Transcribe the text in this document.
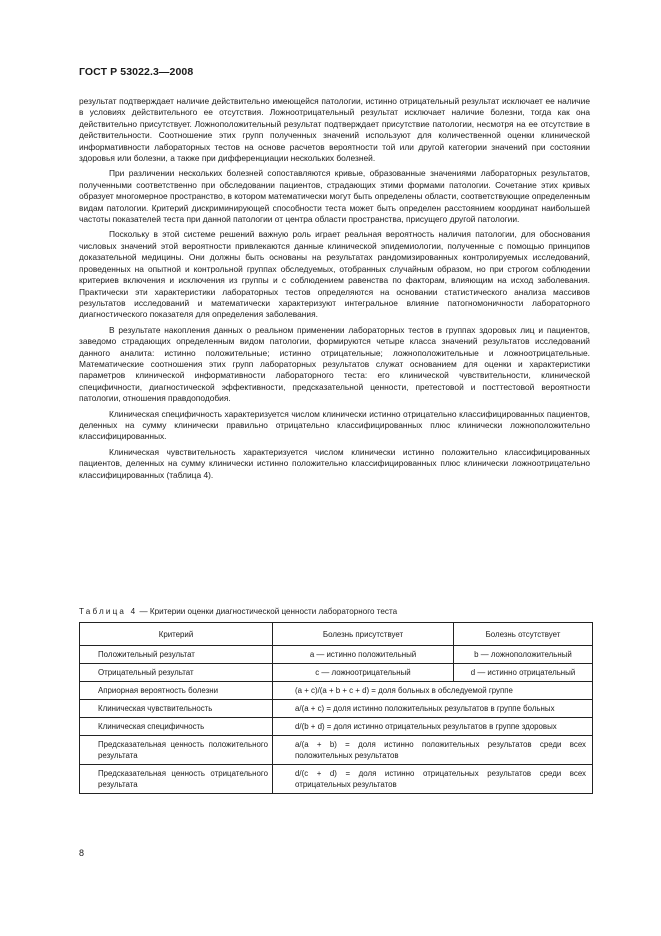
ГОСТ Р 53022.3—2008

результат подтверждает наличие действительно имеющейся патологии, истинно отрицательный результат исключает ее наличие в условиях действительного ее отсутствия. Ложноотрицательный результат исключает наличие болезни, тогда как она действительно присутствует. Ложноположительный результат подтверждает присутствие патологии, несмотря на ее отсутствие в действительности. Соотношение этих групп полученных значений используют для количественной оценки клинической информативности лабораторных тестов на основе расчетов вероятности той или другой категории значений при состоянии здоровья или болезни, а также при дифференциации нескольких болезней.

При различении нескольких болезней сопоставляются кривые, образованные значениями лабораторных результатов, полученными соответственно при обследовании пациентов, страдающих этими формами патологии. Сочетание этих кривых образует многомерное пространство, в котором математически могут быть определены области, соответствующие определенным видам патологии. Критерий дискриминирующей способности теста может быть определен расстоянием координат наибольшей частоты показателей теста при данной патологии от центра области пространства, присущего другой патологии.

Поскольку в этой системе решений важную роль играет реальная вероятность наличия патологии, для обоснования числовых значений этой вероятности привлекаются данные клинической эпидемиологии, полученные с помощью принципов доказательной медицины. Они должны быть основаны на результатах рандомизированных контролируемых исследований, проведенных на опытной и контрольной группах обследуемых, отобранных случайным образом, но при строгом соблюдении критериев включения и исключения из группы и с соблюдением равенства по факторам, влияющим на исход заболевания. Практически эти характеристики лабораторных тестов определяются на основании статистического анализа массивов результатов исследований и математически характеризуют интегральное влияние патогномоничности лабораторного диагностического показателя для определения заболевания.

В результате накопления данных о реальном применении лабораторных тестов в группах здоровых лиц и пациентов, заведомо страдающих определенным видом патологии, формируются четыре класса значений результатов исследований данного аналита: истинно положительные; истинно отрицательные; ложноположительные и ложноотрицательные. Математические соотношения этих групп лабораторных результатов служат основанием для оценки и характеристики параметров клинической информативности лабораторного теста: его клинической чувствительности, клинической специфичности, диагностической эффективности, предсказательной ценности, претестовой и посттестовой вероятности патологии, отношения правдоподобия.

Клиническая специфичность характеризуется числом клинически истинно отрицательно классифицированных пациентов, деленных на сумму клинически правильно отрицательно классифицированных плюс клинически ложноположительно классифицированных.

Клиническая чувствительность характеризуется числом клинически истинно положительно классифицированных пациентов, деленных на сумму клинически истинно положительно классифицированных плюс клинически ложноотрицательно классифицированных (таблица 4).

Таблица 4 — Критерии оценки диагностической ценности лабораторного теста
Критерий	Болезнь присутствует	Болезнь отсутствует
Положительный результат	a — истинно положительный	b — ложноположительный
Отрицательный результат	c — ложноотрицательный	d — истинно отрицательный
Априорная вероятность болезни	(a + c)/(a + b + c + d) = доля больных в обследуемой группе	
Клиническая чувствительность	a/(a + c) = доля истинно положительных результатов в группе больных	
Клиническая специфичность	d/(b + d) = доля истинно отрицательных результатов в группе здоровых	
Предсказательная ценность положительного результата	a/(a + b) = доля истинно положительных результатов среди всех положительных результатов	
Предсказательная ценность отрицательного результата	d/(c + d) = доля истинно отрицательных результатов среди всех отрицательных результатов	
8
